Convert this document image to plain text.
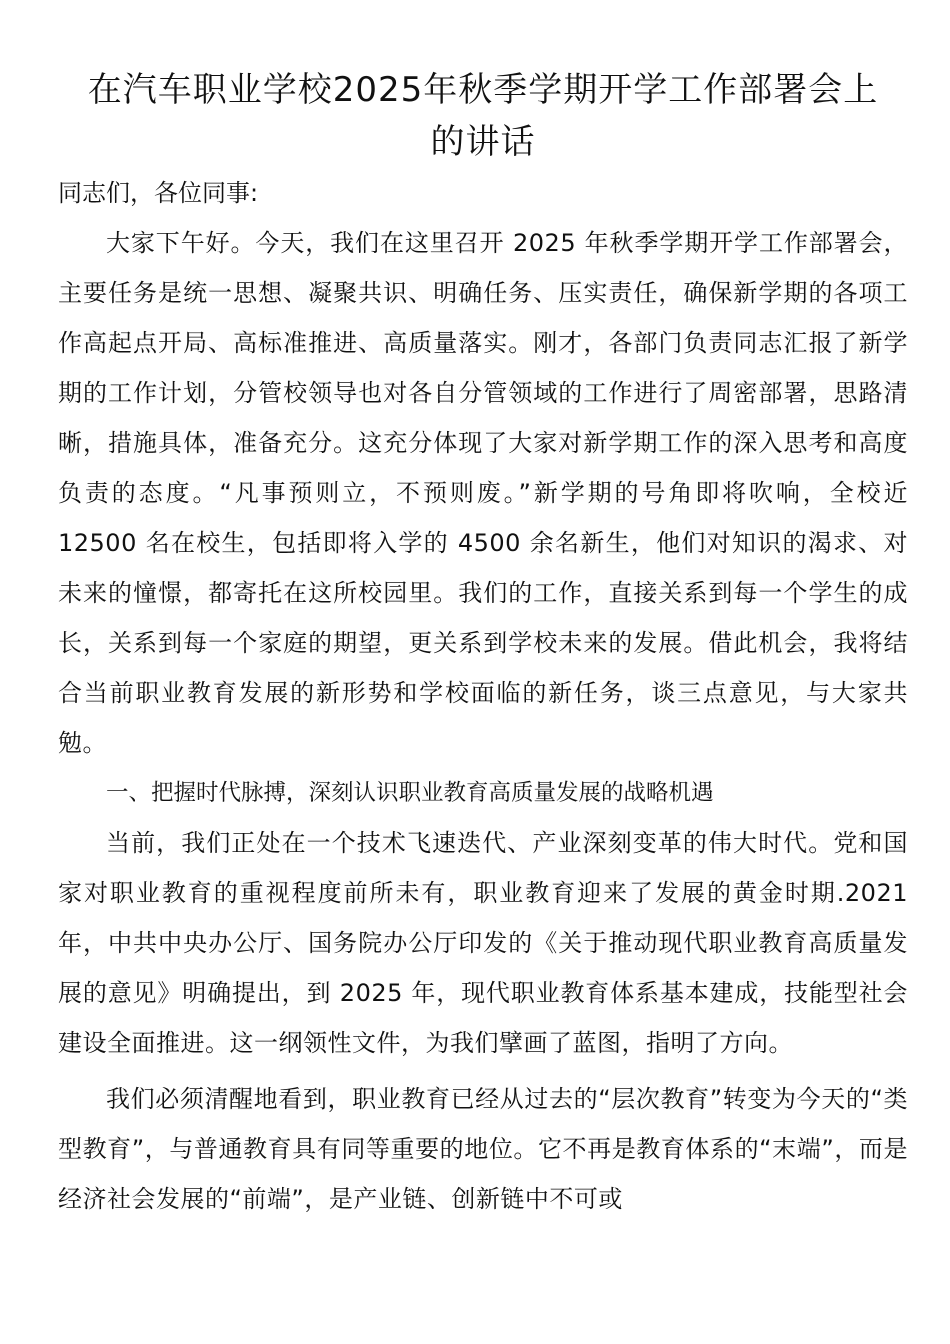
在汽车职业学校2025年秋季学期开学工作部署会上的讲话

同志们，各位同事:

大家下午好。今天，我们在这里召开 2025 年秋季学期开学工作部署会，主要任务是统一思想、凝聚共识、明确任务、压实责任，确保新学期的各项工作高起点开局、高标准推进、高质量落实。刚才，各部门负责同志汇报了新学期的工作计划，分管校领导也对各自分管领域的工作进行了周密部署，思路清晰，措施具体，准备充分。这充分体现了大家对新学期工作的深入思考和高度负责的态度。“凡事预则立，不预则废。”新学期的号角即将吹响，全校近 12500 名在校生，包括即将入学的 4500 余名新生，他们对知识的渴求、对未来的憧憬，都寄托在这所校园里。我们的工作，直接关系到每一个学生的成长，关系到每一个家庭的期望，更关系到学校未来的发展。借此机会，我将结合当前职业教育发展的新形势和学校面临的新任务，谈三点意见，与大家共勉。

一、把握时代脉搏，深刻认识职业教育高质量发展的战略机遇

当前，我们正处在一个技术飞速迭代、产业深刻变革的伟大时代。党和国家对职业教育的重视程度前所未有，职业教育迎来了发展的黄金时期.2021 年，中共中央办公厅、国务院办公厅印发的《关于推动现代职业教育高质量发展的意见》明确提出，到 2025 年，现代职业教育体系基本建成，技能型社会建设全面推进。这一纲领性文件，为我们擘画了蓝图，指明了方向。

我们必须清醒地看到，职业教育已经从过去的“层次教育”转变为今天的“类型教育”，与普通教育具有同等重要的地位。它不再是教育体系的“末端”，而是经济社会发展的“前端”，是产业链、创新链中不可或
